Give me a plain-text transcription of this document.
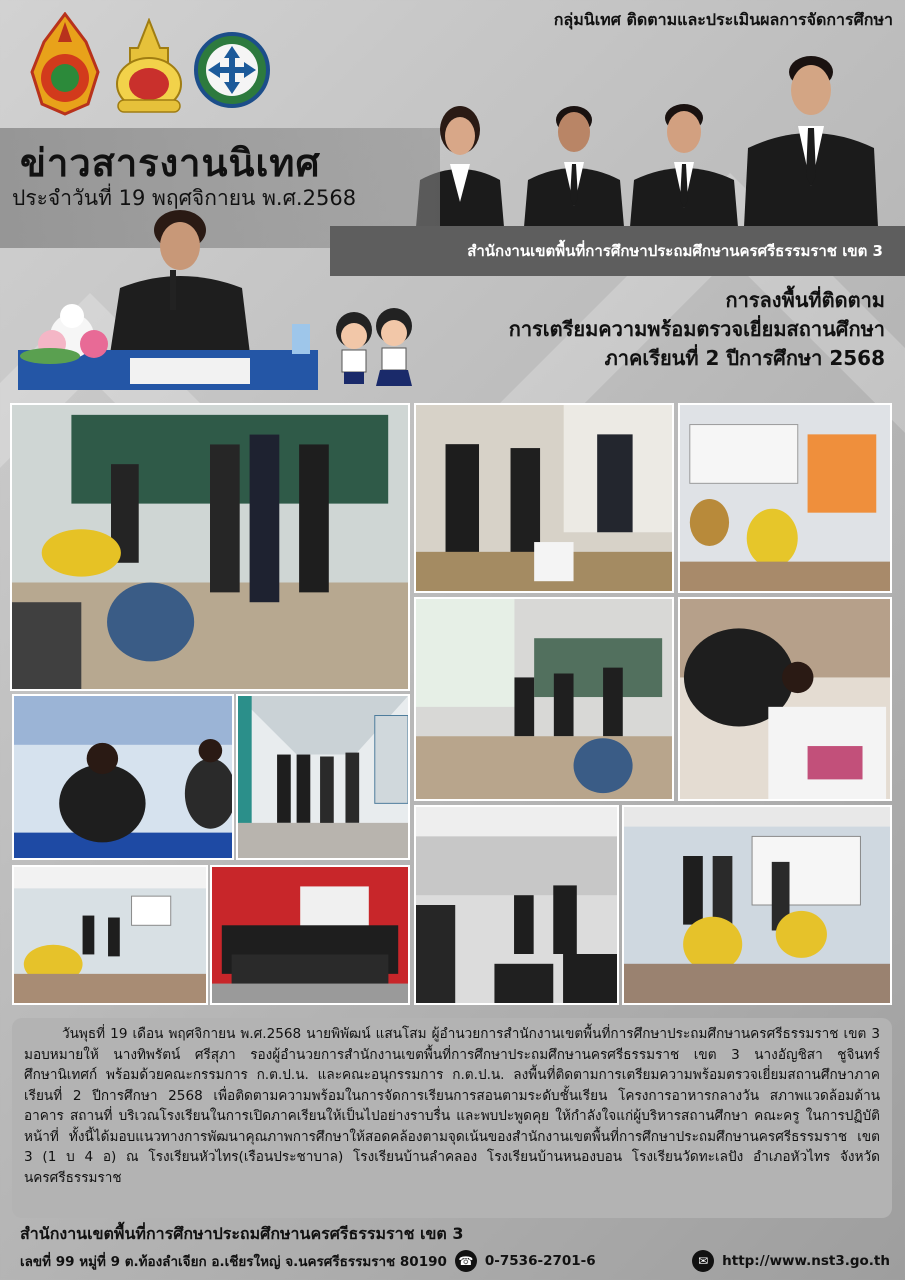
กลุ่มนิเทศ ติดตามและประเมินผลการจัดการศึกษา
ข่าวสารงานนิเทศ
ประจำวันที่ 19 พฤศจิกายน พ.ศ.2568
สำนักงานเขตพื้นที่การศึกษาประถมศึกษานครศรีธรรมราช เขต 3
การลงพื้นที่ติดตาม
การเตรียมความพร้อมตรวจเยี่ยมสถานศึกษา
ภาคเรียนที่ 2 ปีการศึกษา 2568
วันพุธที่ 19 เดือน พฤศจิกายน พ.ศ.2568 นายพิพัฒน์ แสนโสม ผู้อำนวยการสำนักงานเขตพื้นที่การศึกษาประถมศึกษานครศรีธรรมราช เขต 3 มอบหมายให้ นางทิพรัตน์ ศรีสุภา รองผู้อำนวยการสำนักงานเขตพื้นที่การศึกษาประถมศึกษานครศรีธรรมราช เขต 3 นางอัญชิสา ชูจินทร์ ศึกษานิเทศก์ พร้อมด้วยคณะกรรมการ ก.ต.ป.น. และคณะอนุกรรมการ ก.ต.ป.น. ลงพื้นที่ติดตามการเตรียมความพร้อมตรวจเยี่ยมสถานศึกษาภาคเรียนที่ 2 ปีการศึกษา 2568 เพื่อติดตามความพร้อมในการจัดการเรียนการสอนตามระดับชั้นเรียน โครงการอาหารกลางวัน สภาพแวดล้อมด้านอาคาร สถานที่ บริเวณโรงเรียนในการเปิดภาคเรียนให้เป็นไปอย่างราบรื่น และพบปะพูดคุย ให้กำลังใจแก่ผู้บริหารสถานศึกษา คณะครู ในการปฏิบัติหน้าที่ ทั้งนี้ได้มอบแนวทางการพัฒนาคุณภาพการศึกษาให้สอดคล้องตามจุดเน้นของสำนักงานเขตพื้นที่การศึกษาประถมศึกษานครศรีธรรมราช เขต 3 (1 บ 4 อ) ณ โรงเรียนหัวไทร(เรือนประชาบาล) โรงเรียนบ้านลำคลอง โรงเรียนบ้านหนองบอน โรงเรียนวัดทะเลปัง อำเภอหัวไทร จังหวัดนครศรีธรรมราช
สำนักงานเขตพื้นที่การศึกษาประถมศึกษานครศรีธรรมราช เขต 3
เลขที่ 99 หมู่ที่ 9 ต.ท้องลำเจียก อ.เชียรใหญ่ จ.นครศรีธรรมราช 80190 ☎ 0-7536-2701-6	✉	http://www.nst3.go.th
